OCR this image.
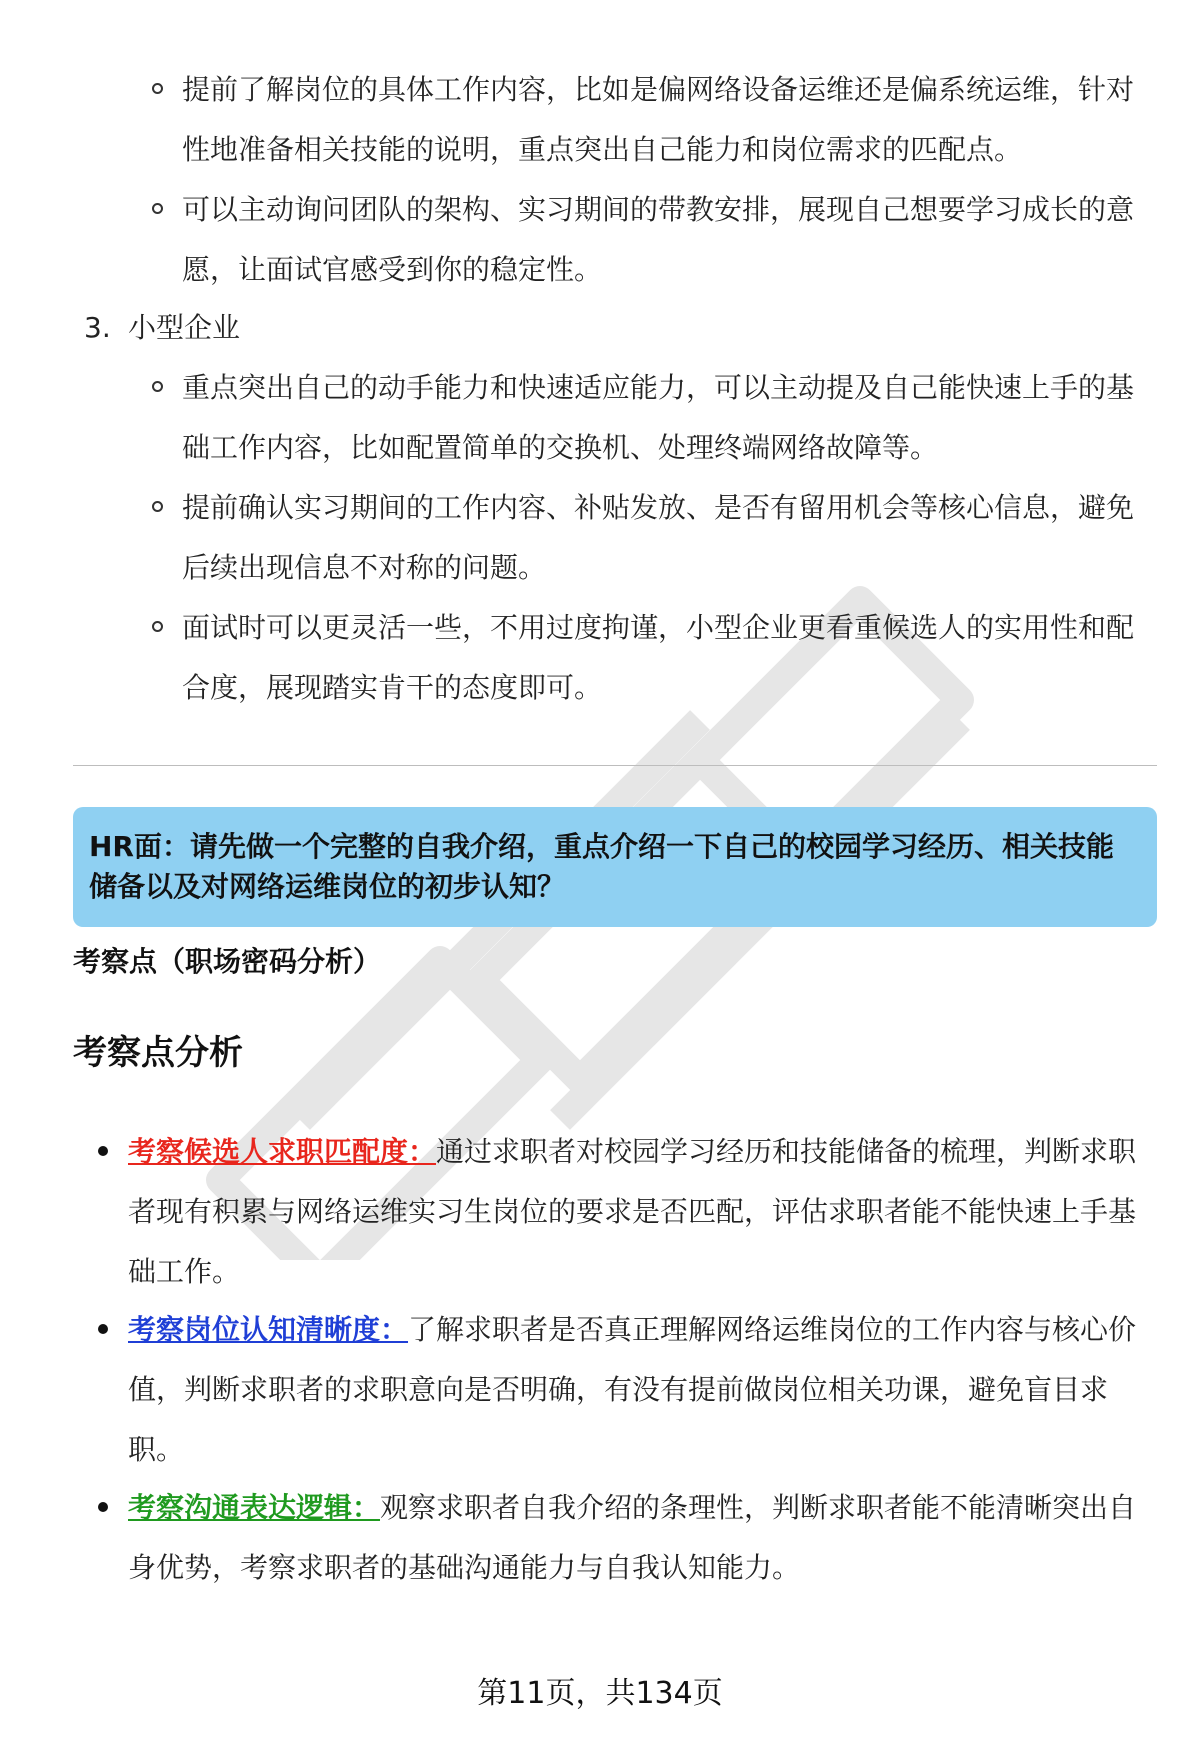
提前了解岗位的具体工作内容，比如是偏网络设备运维还是偏系统运维，针对性地准备相关技能的说明，重点突出自己能力和岗位需求的匹配点。
可以主动询问团队的架构、实习期间的带教安排，展现自己想要学习成长的意愿，让面试官感受到你的稳定性。
3. 小型企业
重点突出自己的动手能力和快速适应能力，可以主动提及自己能快速上手的基础工作内容，比如配置简单的交换机、处理终端网络故障等。
提前确认实习期间的工作内容、补贴发放、是否有留用机会等核心信息，避免后续出现信息不对称的问题。
面试时可以更灵活一些，不用过度拘谨，小型企业更看重候选人的实用性和配合度，展现踏实肯干的态度即可。
HR面：请先做一个完整的自我介绍，重点介绍一下自己的校园学习经历、相关技能储备以及对网络运维岗位的初步认知？
考察点（职场密码分析）
考察点分析
考察候选人求职匹配度：通过求职者对校园学习经历和技能储备的梳理，判断求职者现有积累与网络运维实习生岗位的要求是否匹配，评估求职者能不能快速上手基础工作。
考察岗位认知清晰度：了解求职者是否真正理解网络运维岗位的工作内容与核心价值，判断求职者的求职意向是否明确，有没有提前做岗位相关功课，避免盲目求职。
考察沟通表达逻辑：观察求职者自我介绍的条理性，判断求职者能不能清晰突出自身优势，考察求职者的基础沟通能力与自我认知能力。
第11页，共134页
